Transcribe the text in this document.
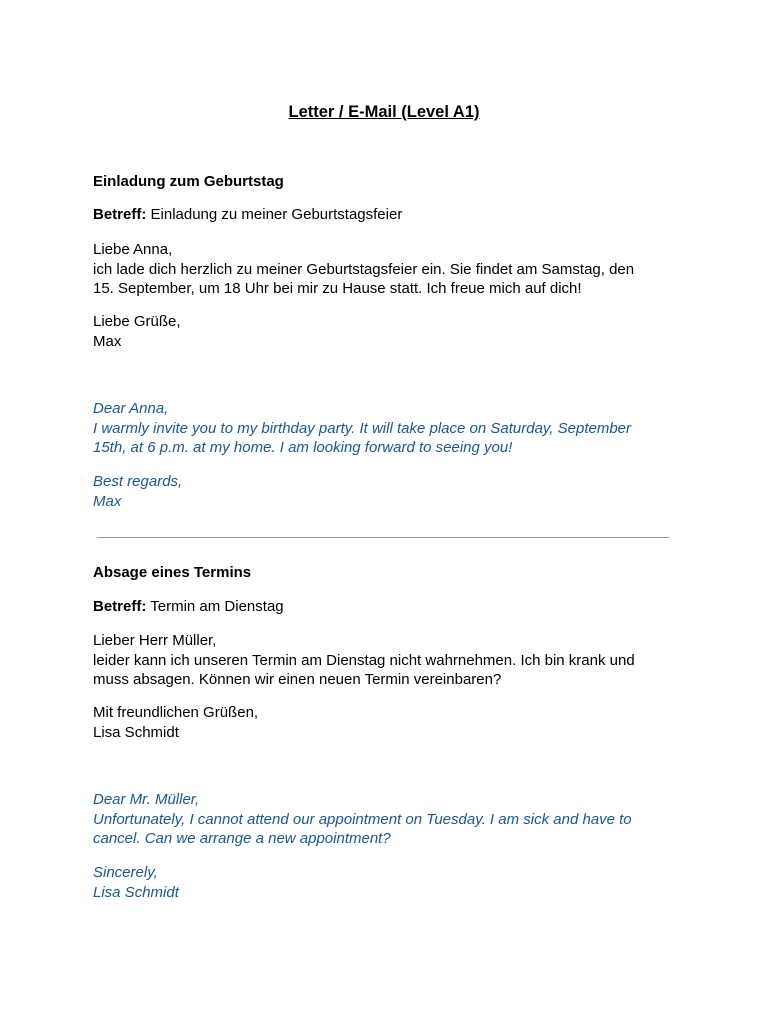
Letter / E-Mail (Level A1)
Einladung zum Geburtstag
Betreff: Einladung zu meiner Geburtstagsfeier
Liebe Anna,
ich lade dich herzlich zu meiner Geburtstagsfeier ein. Sie findet am Samstag, den
15. September, um 18 Uhr bei mir zu Hause statt. Ich freue mich auf dich!
Liebe Grüße,
Max
Dear Anna,
I warmly invite you to my birthday party. It will take place on Saturday, September
15th, at 6 p.m. at my home. I am looking forward to seeing you!
Best regards,
Max
Absage eines Termins
Betreff: Termin am Dienstag
Lieber Herr Müller,
leider kann ich unseren Termin am Dienstag nicht wahrnehmen. Ich bin krank und
muss absagen. Können wir einen neuen Termin vereinbaren?
Mit freundlichen Grüßen,
Lisa Schmidt
Dear Mr. Müller,
Unfortunately, I cannot attend our appointment on Tuesday. I am sick and have to
cancel. Can we arrange a new appointment?
Sincerely,
Lisa Schmidt
